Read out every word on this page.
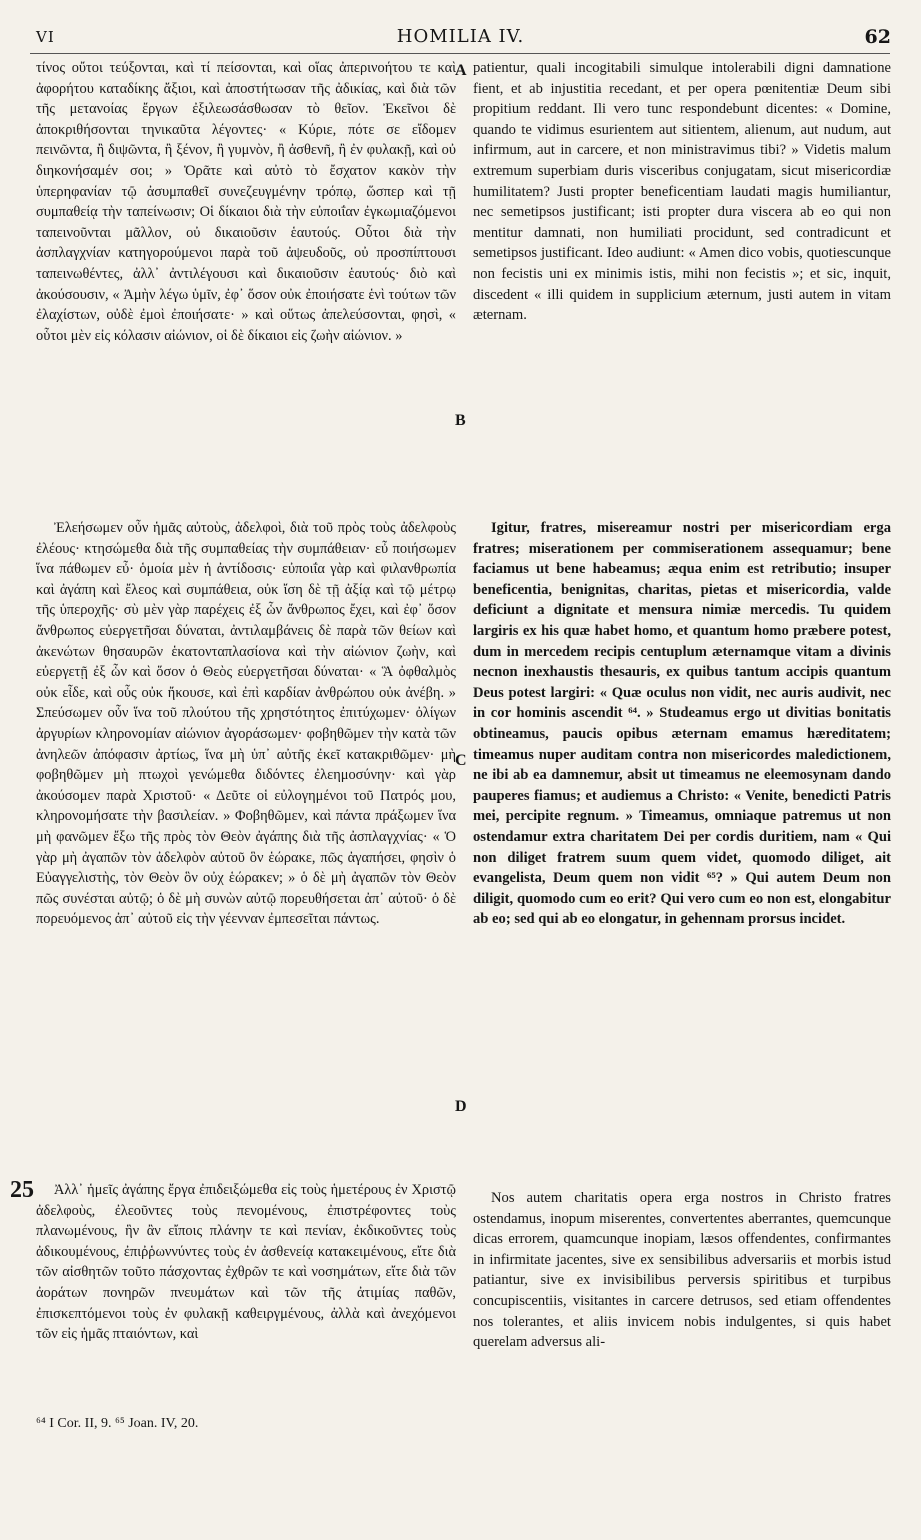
VI	HOMILIA IV.	62

τίνος οὔτοι τεύξονται, καὶ τί πείσονται, καὶ οἵας ἀπερινοήτου τε καὶ ἀφορήτου καταδίκης ἄξιοι, καὶ ἀποστήτωσαν τῆς ἀδικίας, καὶ διὰ τῶν τῆς μετανοίας ἔργων ἐξιλεωσάσθωσαν τὸ θεῖον. Ἐκεῖνοι δὲ ἀποκριθήσονται τηνικαῦτα λέγοντες· « Κύριε, πότε σε εἴδομεν πεινῶντα, ἢ διψῶντα, ἢ ξένον, ἢ γυμνὸν, ἢ ἀσθενῆ, ἢ ἐν φυλακῇ, καὶ οὐ διηκονήσαμέν σοι; » Ὁρᾶτε καὶ αὐτὸ τὸ ἔσχατον κακὸν τὴν ὑπερηφανίαν τῷ ἀσυμπαθεῖ συνεζευγμένην τρόπῳ, ὥσπερ καὶ τῇ συμπαθείᾳ τὴν ταπείνωσιν; Οἱ δίκαιοι διὰ τὴν εὐποιΐαν ἐγκωμιαζόμενοι ταπεινοῦνται μᾶλλον, οὐ δικαιοῦσιν ἑαυτούς. Οὗτοι διὰ τὴν ἀσπλαγχνίαν κατηγορούμενοι παρὰ τοῦ ἀψευδοῦς, οὐ προσπίπτουσι ταπεινωθέντες, ἀλλ᾽ ἀντιλέγουσι καὶ δικαιοῦσιν ἑαυτούς· διὸ καὶ ἀκούσουσιν, « Ἀμὴν λέγω ὑμῖν, ἐφ᾽ ὅσον οὐκ ἐποιήσατε ἑνὶ τούτων τῶν ἐλαχίστων, οὐδὲ ἐμοὶ ἐποιήσατε· » καὶ οὕτως ἀπελεύσονται, φησὶ, « οὗτοι μὲν εἰς κόλασιν αἰώνιον, οἱ δὲ δίκαιοι εἰς ζωὴν αἰώνιον. »

Ἐλεήσωμεν οὖν ἡμᾶς αὐτοὺς, ἀδελφοὶ, διὰ τοῦ πρὸς τοὺς ἀδελφοὺς ἐλέους· κτησώμεθα διὰ τῆς συμπαθείας τὴν συμπάθειαν· εὖ ποιήσωμεν ἵνα πάθωμεν εὖ· ὁμοία μὲν ἡ ἀντίδοσις· εὐποιΐα γὰρ καὶ φιλανθρωπία καὶ ἀγάπη καὶ ἔλεος καὶ συμπάθεια, οὐκ ἴση δὲ τῇ ἀξίᾳ καὶ τῷ μέτρῳ τῆς ὑπεροχῆς· σὺ μὲν γὰρ παρέχεις ἐξ ὧν ἄνθρωπος ἔχει, καὶ ἐφ᾽ ὅσον ἄνθρωπος εὐεργετῆσαι δύναται, ἀντιλαμβάνεις δὲ παρὰ τῶν θείων καὶ ἀκενώτων θησαυρῶν ἑκατονταπλασίονα καὶ τὴν αἰώνιον ζωὴν, καὶ εὐεργετῇ ἐξ ὧν καὶ ὅσον ὁ Θεὸς εὐεργετῆσαι δύναται· « Ἃ ὀφθαλμὸς οὐκ εἶδε, καὶ οὖς οὐκ ἤκουσε, καὶ ἐπὶ καρδίαν ἀνθρώπου οὐκ ἀνέβη. » Σπεύσωμεν οὖν ἵνα τοῦ πλούτου τῆς χρηστότητος ἐπιτύχωμεν· ὀλίγων ἀργυρίων κληρονομίαν αἰώνιον ἀγοράσωμεν· φοβηθῶμεν τὴν κατὰ τῶν ἀνηλεῶν ἀπόφασιν ἀρτίως, ἵνα μὴ ὑπ᾽ αὐτῆς ἐκεῖ κατακριθῶμεν· μὴ φοβηθῶμεν μὴ πτωχοὶ γενώμεθα διδόντες ἐλεημοσύνην· καὶ γὰρ ἀκούσομεν παρὰ Χριστοῦ· « Δεῦτε οἱ εὐλογημένοι τοῦ Πατρός μου, κληρονομήσατε τὴν βασιλείαν. » Φοβηθῶμεν, καὶ πάντα πράξωμεν ἵνα μὴ φανῶμεν ἔξω τῆς πρὸς τὸν Θεὸν ἀγάπης διὰ τῆς ἀσπλαγχνίας· « Ὁ γὰρ μὴ ἀγαπῶν τὸν ἀδελφὸν αὐτοῦ ὃν ἑώρακε, πῶς ἀγαπήσει, φησὶν ὁ Εὐαγγελιστὴς, τὸν Θεὸν ὃν οὐχ ἑώρακεν; » ὁ δὲ μὴ ἀγαπῶν τὸν Θεὸν πῶς συνέσται αὐτῷ; ὁ δὲ μὴ συνὼν αὐτῷ πορευθήσεται ἀπ᾽ αὐτοῦ· ὁ δὲ πορευόμενος ἀπ᾽ αὐτοῦ εἰς τὴν γέενναν ἐμπεσεῖται πάντως.

Ἀλλ᾽ ἡμεῖς ἀγάπης ἔργα ἐπιδειξώμεθα εἰς τοὺς ἡμετέρους ἐν Χριστῷ ἀδελφοὺς, ἐλεοῦντες τοὺς πενομένους, ἐπιστρέφοντες τοὺς πλανωμένους, ἣν ἂν εἴποις πλάνην τε καὶ πενίαν, ἐκδικοῦντες τοὺς ἀδικουμένους, ἐπιῤῥωννύντες τοὺς ἐν ἀσθενείᾳ κατακειμένους, εἴτε διὰ τῶν αἰσθητῶν τοῦτο πάσχοντας ἐχθρῶν τε καὶ νοσημάτων, εἴτε διὰ τῶν ἀοράτων πονηρῶν πνευμάτων καὶ τῶν τῆς ἀτιμίας παθῶν, ἐπισκεπτόμενοι τοὺς ἐν φυλακῇ καθειργμένους, ἀλλὰ καὶ ἀνεχόμενοι τῶν εἰς ἡμᾶς πταιόντων, καὶ

25
A
B
C
D

patientur, quali incogitabili simulque intolerabili digni damnatione fient, et ab injustitia recedant, et per opera pœnitentiæ Deum sibi propitium reddant. Ili vero tunc respondebunt dicentes: « Domine, quando te vidimus esurientem aut sitientem, alienum, aut nudum, aut infirmum, aut in carcere, et non ministravimus tibi? » Videtis malum extremum superbiam duris visceribus conjugatam, sicut misericordiæ humilitatem? Justi propter beneficentiam laudati magis humiliantur, nec semetipsos justificant; isti propter dura viscera ab eo qui non mentitur damnati, non humiliati procidunt, sed contradicunt et semetipsos justificant. Ideo audiunt: « Amen dico vobis, quotiescunque non fecistis uni ex minimis istis, mihi non fecistis »; et sic, inquit, discedent « illi quidem in supplicium æternum, justi autem in vitam æternam.

Igitur, fratres, misereamur nostri per misericordiam erga fratres; miserationem per commiserationem assequamur; bene faciamus ut bene habeamus; æqua enim est retributio; insuper beneficentia, benignitas, charitas, pietas et misericordia, valde deficiunt a dignitate et mensura nimiæ mercedis. Tu quidem largiris ex his quæ habet homo, et quantum homo præbere potest, dum in mercedem recipis centuplum æternamque vitam a divinis necnon inexhaustis thesauris, ex quibus tantum accipis quantum Deus potest largiri: « Quæ oculus non vidit, nec auris audivit, nec in cor hominis ascendit ⁶⁴. » Studeamus ergo ut divitias bonitatis obtineamus, paucis opibus æternam emamus hæreditatem; timeamus nuper auditam contra non misericordes maledictionem, ne ibi ab ea damnemur, absit ut timeamus ne eleemosynam dando pauperes fiamus; et audiemus a Christo: « Venite, benedicti Patris mei, percipite regnum. » Timeamus, omniaque patremus ut non ostendamur extra charitatem Dei per cordis duritiem, nam « Qui non diliget fratrem suum quem videt, quomodo diliget, ait evangelista, Deum quem non vidit ⁶⁵? » Qui autem Deum non diligit, quomodo cum eo erit? Qui vero cum eo non est, elongabitur ab eo; sed qui ab eo elongatur, in gehennam prorsus incidet.

Nos autem charitatis opera erga nostros in Christo fratres ostendamus, inopum miserentes, convertentes aberrantes, quemcunque dicas errorem, quamcunque inopiam, læsos offendentes, confirmantes in infirmitate jacentes, sive ex sensibilibus adversariis et morbis istud patiantur, sive ex invisibilibus perversis spiritibus et turpibus concupiscentiis, visitantes in carcere detrusos, sed etiam offendentes nos tolerantes, et aliis invicem nobis indulgentes, si quis habet querelam adversus ali-

⁶⁴ I Cor. II, 9. ⁶⁵ Joan. IV, 20.
